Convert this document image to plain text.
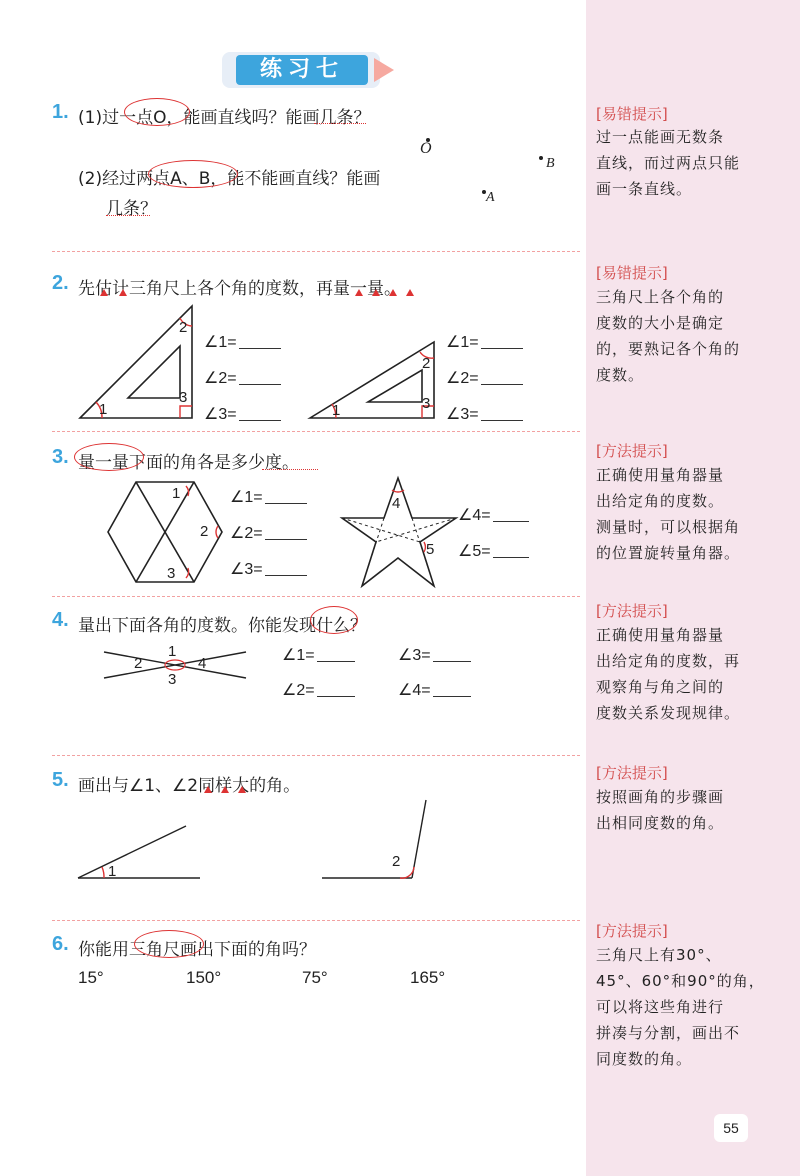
练习七
1. (1)过一点O，能画直线吗？能画几条？
O
B
A
(2)经过两点A、B，能不能画直线？能画
几条？
2. 先估计三角尺上各个角的度数，再量一量。
1
2
3
∠1=
∠2=
∠3=	1
2
3
∠1=
∠2=
∠3=
3. 量一量下面的角各是多少度。
1
2
3
∠1=
∠2=
∠3=
4
5
∠4=
∠5=
4. 量出下面各角的度数。你能发现什么？
1
2
3
4	∠1=
∠2=
∠3=
∠4=
5. 画出与∠1、∠2同样大的角。
1
2
6. 你能用三角尺画出下面的角吗？
15°	150°	75°	165°
[易错提示]
过一点能画无数条
直线，而过两点只能
画一条直线。
[易错提示]
三角尺上各个角的
度数的大小是确定
的，要熟记各个角的
度数。
[方法提示]
正确使用量角器量
出给定角的度数。
测量时，可以根据角
的位置旋转量角器。
[方法提示]
正确使用量角器量
出给定角的度数，再
观察角与角之间的
度数关系发现规律。
[方法提示]
按照画角的步骤画
出相同度数的角。
[方法提示]
三角尺上有30°、
45°、60°和90°的角，
可以将这些角进行
拼凑与分割，画出不
同度数的角。
55
